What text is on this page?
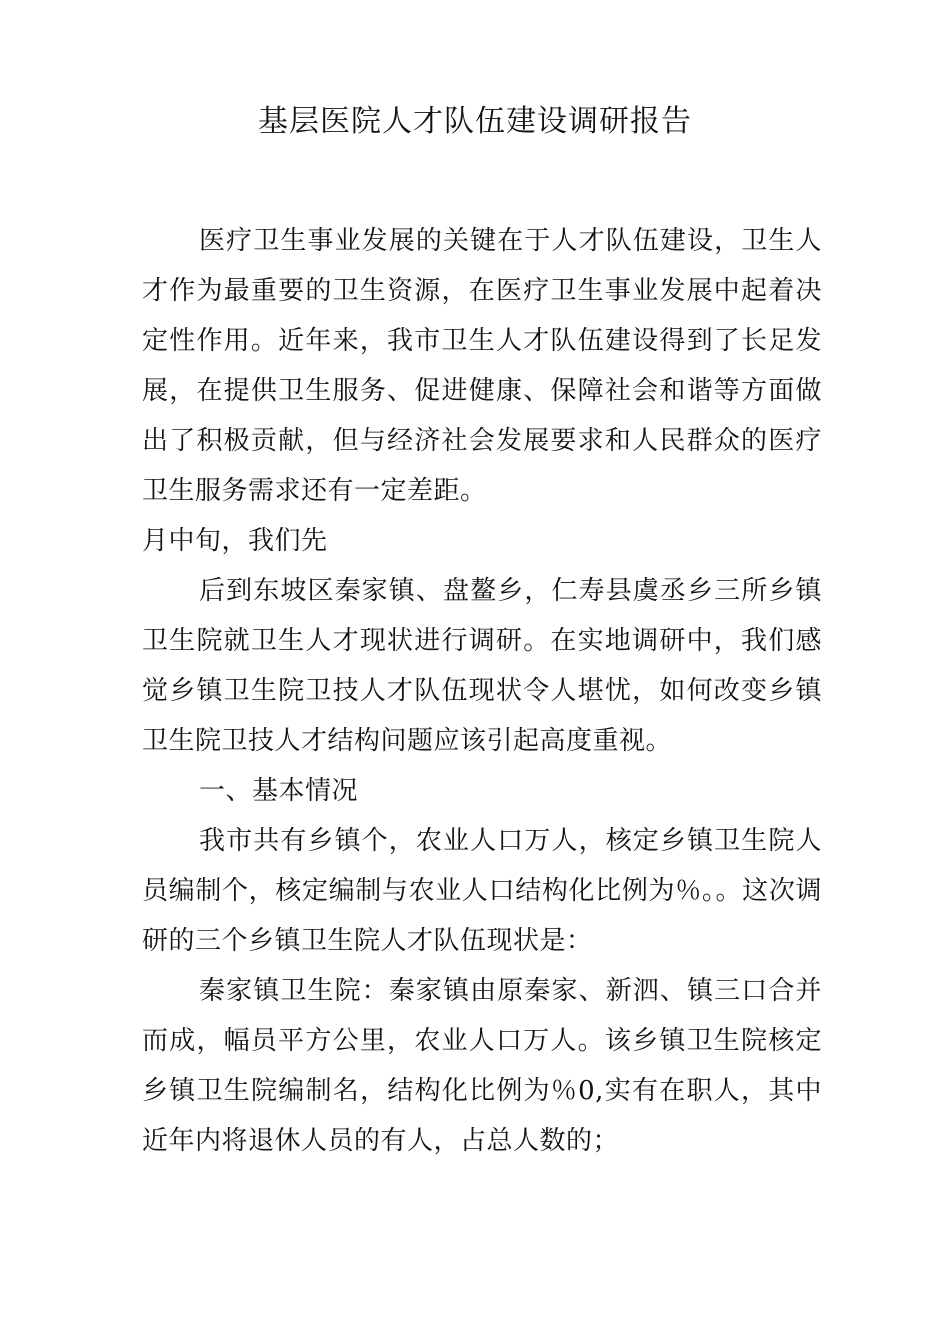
基层医院人才队伍建设调研报告

医疗卫生事业发展的关键在于人才队伍建设，卫生人才作为最重要的卫生资源，在医疗卫生事业发展中起着决定性作用。近年来，我市卫生人才队伍建设得到了长足发展，在提供卫生服务、促进健康、保障社会和谐等方面做出了积极贡献，但与经济社会发展要求和人民群众的医疗卫生服务需求还有一定差距。

月中旬，我们先

后到东坡区秦家镇、盘鳌乡，仁寿县虞丞乡三所乡镇卫生院就卫生人才现状进行调研。在实地调研中，我们感觉乡镇卫生院卫技人才队伍现状令人堪忧，如何改变乡镇卫生院卫技人才结构问题应该引起高度重视。

一、基本情况

我市共有乡镇个，农业人口万人，核定乡镇卫生院人员编制个，核定编制与农业人口结构化比例为％。。这次调研的三个乡镇卫生院人才队伍现状是：

秦家镇卫生院：秦家镇由原秦家、新泗、镇三口合并而成，幅员平方公里，农业人口万人。该乡镇卫生院核定乡镇卫生院编制名，结构化比例为％0,实有在职人，其中近年内将退休人员的有人，占总人数的；
